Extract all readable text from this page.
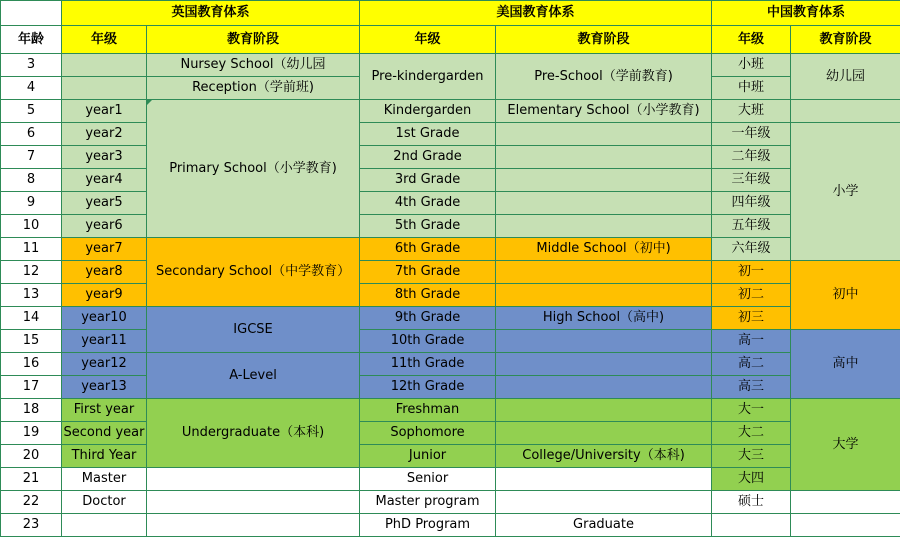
	英国教育体系		美国教育体系		中国教育体系	
年龄	年级	教育阶段	年级	教育阶段	年级	教育阶段
3		Nursey School（幼儿园	Pre-kindergarden	Pre-School（学前教育)	小班	幼儿园
4		Reception（学前班)			中班	
5	year1	Primary School（小学教育)	Kindergarden	Elementary School（小学教育)	大班	
6	year2		1st Grade		一年级	小学
7	year3		2nd Grade		二年级	
8	year4		3rd Grade		三年级	
9	year5		4th Grade		四年级	
10	year6		5th Grade		五年级	
11	year7	Secondary School（中学教育）	6th Grade	Middle School（初中)	六年级	
12	year8		7th Grade		初一	初中
13	year9		8th Grade		初二	
14	year10	IGCSE	9th Grade	High School（高中)	初三	
15	year11		10th Grade		高一	高中
16	year12	A-Level	11th Grade		高二	
17	year13		12th Grade		高三	
18	First year	Undergraduate（本科)	Freshman		大一	大学
19	Second year		Sophomore		大二	
20	Third Year		Junior	College/University（本科)	大三	
21	Master		Senior		大四	
22	Doctor		Master program		硕士	
23			PhD Program	Graduate		
